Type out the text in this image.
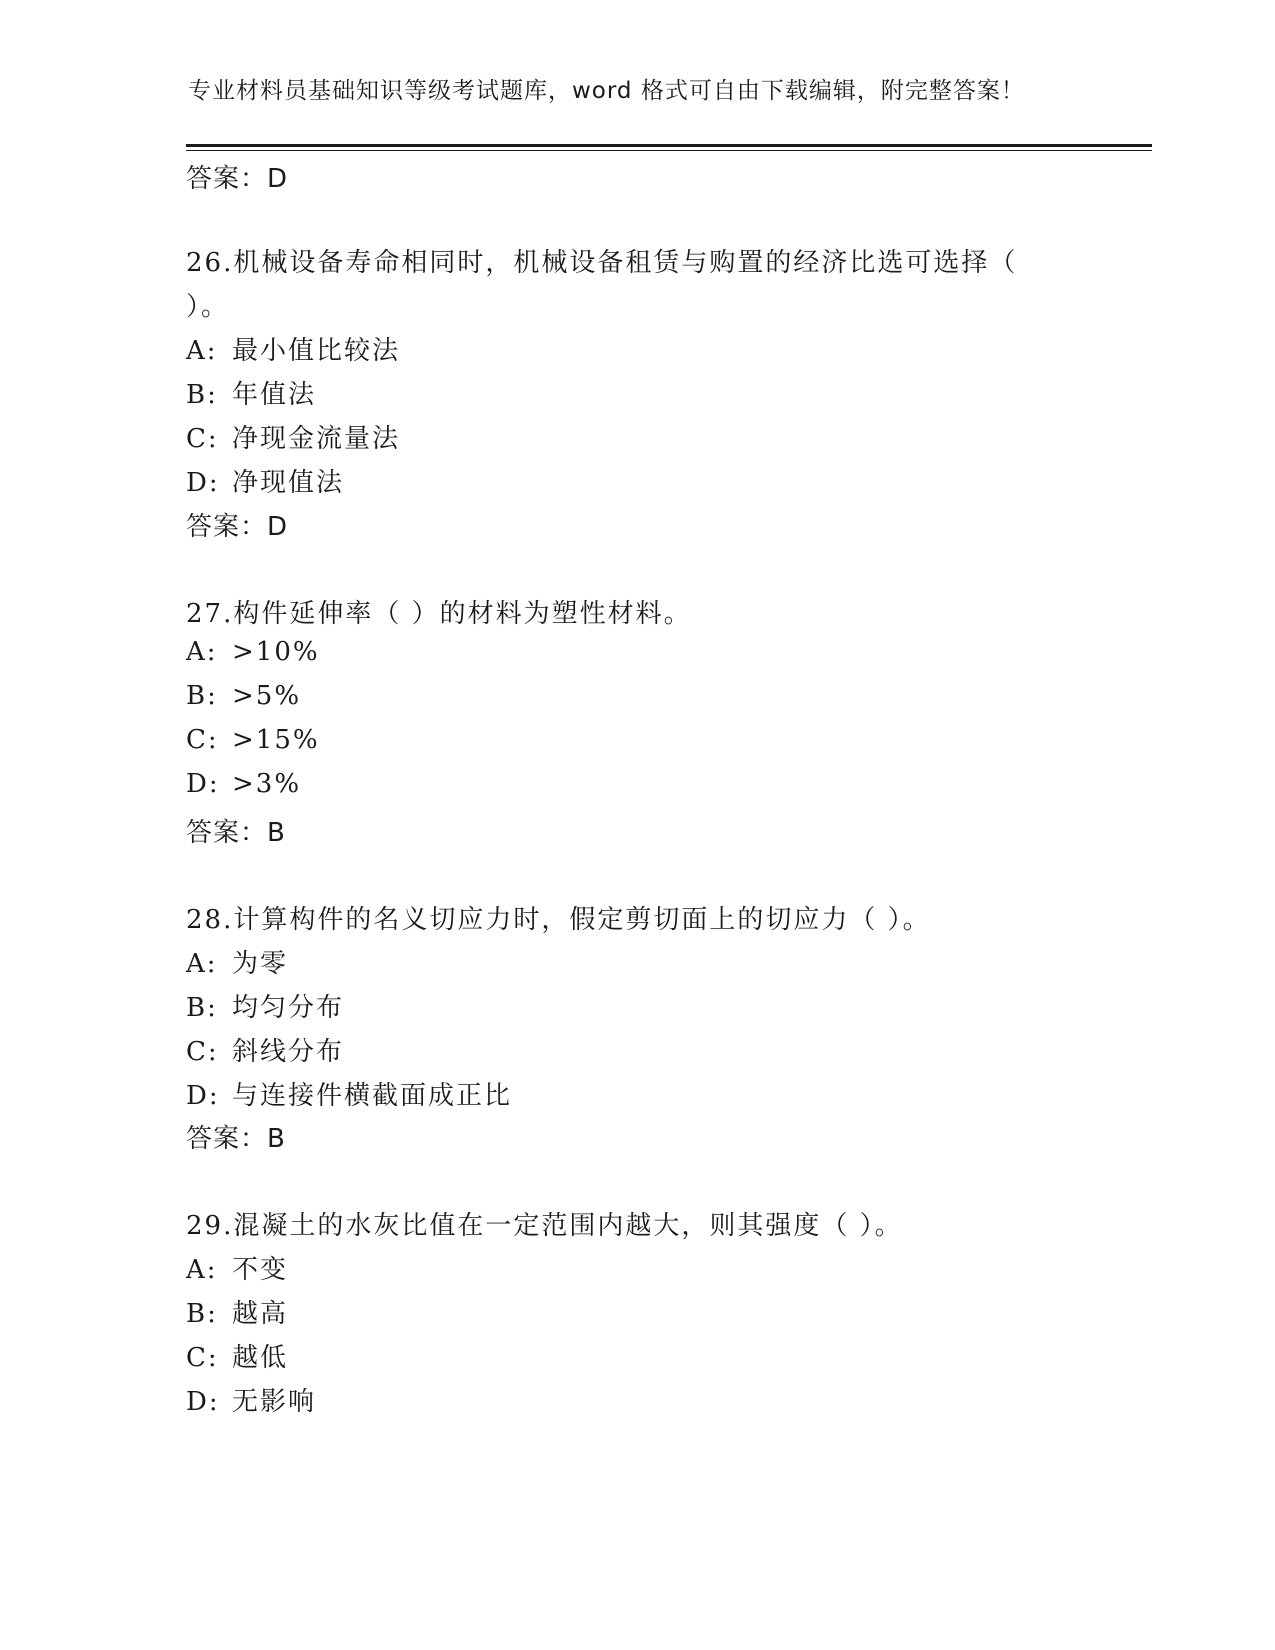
专业材料员基础知识等级考试题库，word 格式可自由下载编辑，附完整答案！
答案：D
26.机械设备寿命相同时，机械设备租赁与购置的经济比选可选择（
）。
A: 最小值比较法
B: 年值法
C: 净现金流量法
D: 净现值法
答案：D
27.构件延伸率（ ）的材料为塑性材料。
A: >10%
B: >5%
C: >15%
D: >3%
答案：B
28.计算构件的名义切应力时，假定剪切面上的切应力（ ）。
A: 为零
B: 均匀分布
C: 斜线分布
D: 与连接件横截面成正比
答案：B
29.混凝土的水灰比值在一定范围内越大，则其强度（ ）。
A: 不变
B: 越高
C: 越低
D: 无影响
